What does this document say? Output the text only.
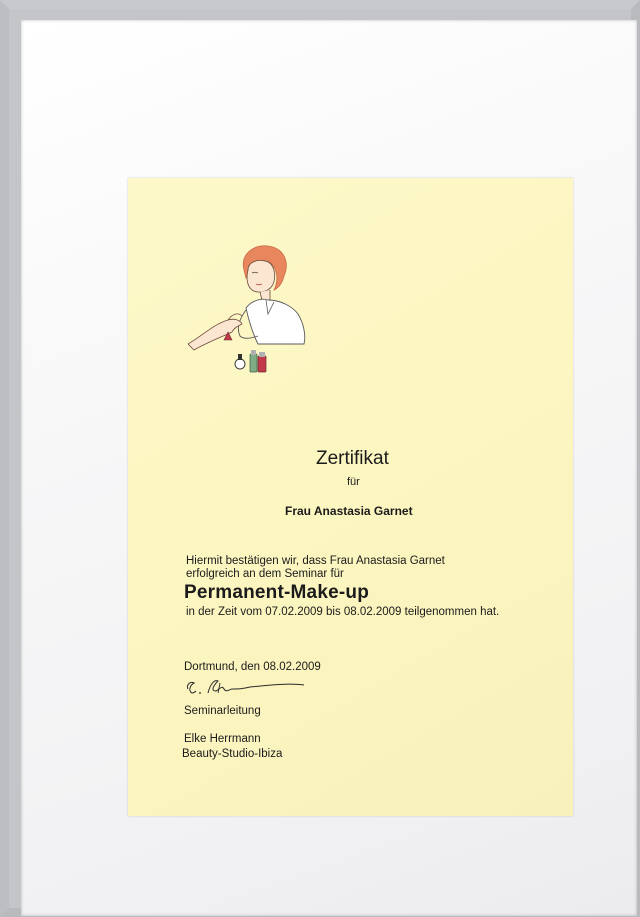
Zertifikat
für
Frau Anastasia Garnet
Hiermit bestätigen wir, dass Frau Anastasia Garnet
erfolgreich an dem Seminar für
Permanent-Make-up
in der Zeit vom 07.02.2009 bis 08.02.2009 teilgenommen hat.
Dortmund, den 08.02.2009
Seminarleitung
Elke Herrmann
Beauty-Studio-Ibiza
